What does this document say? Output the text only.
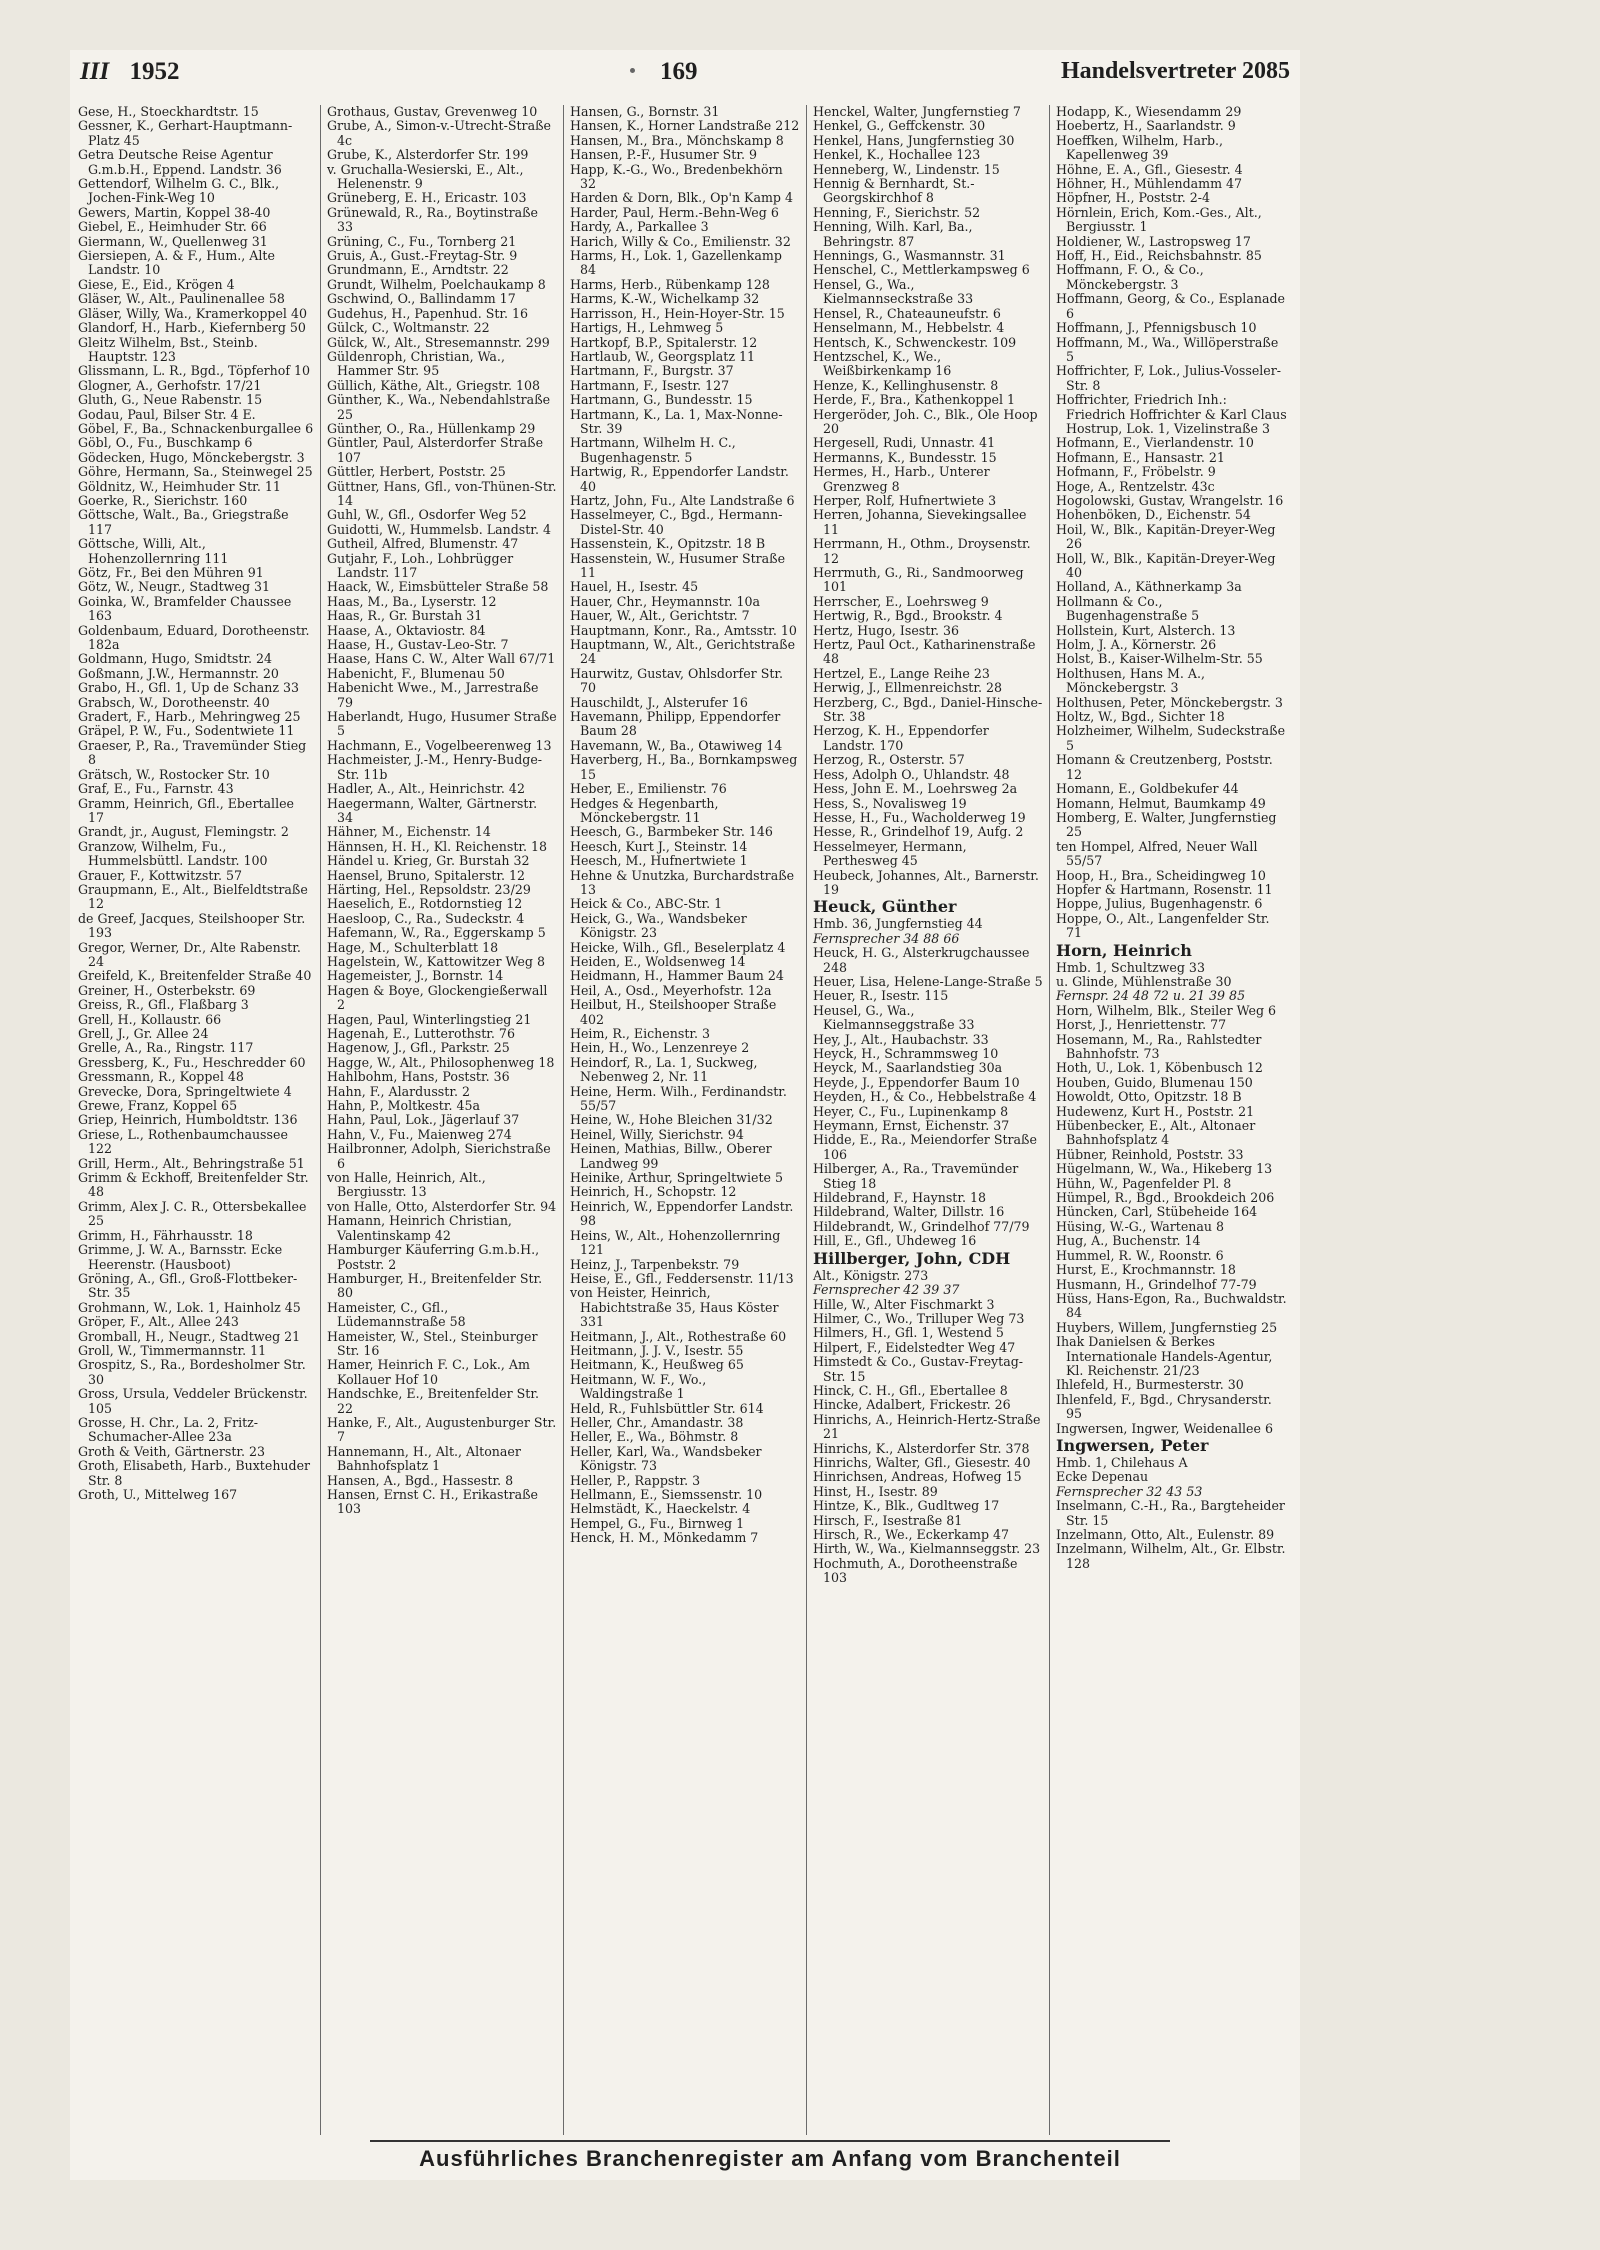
III 1952	169	Handelsvertreter 2085

Gese, H., Stoeckhardtstr. 15

Gessner, K., Gerhart-Hauptmann-Platz 45

Getra Deutsche Reise Agentur G.m.b.H., Eppend. Landstr. 36

Gettendorf, Wilhelm G. C., Blk., Jochen-Fink-Weg 10

Gewers, Martin, Koppel 38-40

Giebel, E., Heimhuder Str. 66

Giermann, W., Quellenweg 31

Giersiepen, A. & F., Hum., Alte Landstr. 10

Giese, E., Eid., Krögen 4

Gläser, W., Alt., Paulinenallee 58

Gläser, Willy, Wa., Kramerkoppel 40

Glandorf, H., Harb., Kiefernberg 50

Gleitz Wilhelm, Bst., Steinb. Hauptstr. 123

Glissmann, L. R., Bgd., Töpferhof 10

Glogner, A., Gerhofstr. 17/21

Gluth, G., Neue Rabenstr. 15

Godau, Paul, Bilser Str. 4 E.

Göbel, F., Ba., Schnackenburgallee 6

Göbl, O., Fu., Buschkamp 6

Gödecken, Hugo, Mönckebergstr. 3

Göhre, Hermann, Sa., Steinwegel 25

Göldnitz, W., Heimhuder Str. 11

Goerke, R., Sierichstr. 160

Göttsche, Walt., Ba., Griegstraße 117

Göttsche, Willi, Alt., Hohenzollernring 111

Götz, Fr., Bei den Mühren 91

Götz, W., Neugr., Stadtweg 31

Goinka, W., Bramfelder Chaussee 163

Goldenbaum, Eduard, Dorotheenstr. 182a

Goldmann, Hugo, Smidtstr. 24

Goßmann, J.W., Hermannstr. 20

Grabo, H., Gfl. 1, Up de Schanz 33

Grabsch, W., Dorotheenstr. 40

Gradert, F., Harb., Mehringweg 25

Gräpel, P. W., Fu., Sodentwiete 11

Graeser, P., Ra., Travemünder Stieg 8

Grätsch, W., Rostocker Str. 10

Graf, E., Fu., Farnstr. 43

Gramm, Heinrich, Gfl., Ebertallee 17

Grandt, jr., August, Flemingstr. 2

Granzow, Wilhelm, Fu., Hummelsbüttl. Landstr. 100

Grauer, F., Kottwitzstr. 57

Graupmann, E., Alt., Bielfeldtstraße 12

de Greef, Jacques, Steilshooper Str. 193

Gregor, Werner, Dr., Alte Rabenstr. 24

Greifeld, K., Breitenfelder Straße 40

Greiner, H., Osterbekstr. 69

Greiss, R., Gfl., Flaßbarg 3

Grell, H., Kollaustr. 66

Grell, J., Gr. Allee 24

Grelle, A., Ra., Ringstr. 117

Gressberg, K., Fu., Heschredder 60

Gressmann, R., Koppel 48

Grevecke, Dora, Springeltwiete 4

Grewe, Franz, Koppel 65

Griep, Heinrich, Humboldtstr. 136

Griese, L., Rothenbaumchaussee 122

Grill, Herm., Alt., Behringstraße 51

Grimm & Eckhoff, Breitenfelder Str. 48

Grimm, Alex J. C. R., Ottersbekallee 25

Grimm, H., Fährhausstr. 18

Grimme, J. W. A., Barnsstr. Ecke Heerenstr. (Hausboot)

Gröning, A., Gfl., Groß-Flottbeker-Str. 35

Grohmann, W., Lok. 1, Hainholz 45

Gröper, F., Alt., Allee 243

Gromball, H., Neugr., Stadtweg 21

Groll, W., Timmermannstr. 11

Grospitz, S., Ra., Bordesholmer Str. 30

Gross, Ursula, Veddeler Brückenstr. 105

Grosse, H. Chr., La. 2, Fritz-Schumacher-Allee 23a

Groth & Veith, Gärtnerstr. 23

Groth, Elisabeth, Harb., Buxtehuder Str. 8

Groth, U., Mittelweg 167

Grothaus, Gustav, Grevenweg 10

Grube, A., Simon-v.-Utrecht-Straße 4c

Grube, K., Alsterdorfer Str. 199

v. Gruchalla-Wesierski, E., Alt., Helenenstr. 9

Grüneberg, E. H., Ericastr. 103

Grünewald, R., Ra., Boytinstraße 33

Grüning, C., Fu., Tornberg 21

Gruis, A., Gust.-Freytag-Str. 9

Grundmann, E., Arndtstr. 22

Grundt, Wilhelm, Poelchaukamp 8

Gschwind, O., Ballindamm 17

Gudehus, H., Papenhud. Str. 16

Gülck, C., Woltmanstr. 22

Gülck, W., Alt., Stresemannstr. 299

Güldenroph, Christian, Wa., Hammer Str. 95

Güllich, Käthe, Alt., Griegstr. 108

Günther, K., Wa., Nebendahlstraße 25

Günther, O., Ra., Hüllenkamp 29

Güntler, Paul, Alsterdorfer Straße 107

Güttler, Herbert, Poststr. 25

Güttner, Hans, Gfl., von-Thünen-Str. 14

Guhl, W., Gfl., Osdorfer Weg 52

Guidotti, W., Hummelsb. Landstr. 4

Gutheil, Alfred, Blumenstr. 47

Gutjahr, F., Loh., Lohbrügger Landstr. 117

Haack, W., Eimsbütteler Straße 58

Haas, M., Ba., Lyserstr. 12

Haas, R., Gr. Burstah 31

Haase, A., Oktaviostr. 84

Haase, H., Gustav-Leo-Str. 7

Haase, Hans C. W., Alter Wall 67/71

Habenicht, F., Blumenau 50

Habenicht Wwe., M., Jarrestraße 79

Haberlandt, Hugo, Husumer Straße 5

Hachmann, E., Vogelbeerenweg 13

Hachmeister, J.-M., Henry-Budge-Str. 11b

Hadler, A., Alt., Heinrichstr. 42

Haegermann, Walter, Gärtnerstr. 34

Hähner, M., Eichenstr. 14

Hännsen, H. H., Kl. Reichenstr. 18

Händel u. Krieg, Gr. Burstah 32

Haensel, Bruno, Spitalerstr. 12

Härting, Hel., Repsoldstr. 23/29

Haeselich, E., Rotdornstieg 12

Haesloop, C., Ra., Sudeckstr. 4

Hafemann, W., Ra., Eggerskamp 5

Hage, M., Schulterblatt 18

Hagelstein, W., Kattowitzer Weg 8

Hagemeister, J., Bornstr. 14

Hagen & Boye, Glockengießerwall 2

Hagen, Paul, Winterlingstieg 21

Hagenah, E., Lutterothstr. 76

Hagenow, J., Gfl., Parkstr. 25

Hagge, W., Alt., Philosophenweg 18

Hahlbohm, Hans, Poststr. 36

Hahn, F., Alardusstr. 2

Hahn, P., Moltkestr. 45a

Hahn, Paul, Lok., Jägerlauf 37

Hahn, V., Fu., Maienweg 274

Hailbronner, Adolph, Sierichstraße 6

von Halle, Heinrich, Alt., Bergiusstr. 13

von Halle, Otto, Alsterdorfer Str. 94

Hamann, Heinrich Christian, Valentinskamp 42

Hamburger Käuferring G.m.b.H., Poststr. 2

Hamburger, H., Breitenfelder Str. 80

Hameister, C., Gfl., Lüdemannstraße 58

Hameister, W., Stel., Steinburger Str. 16

Hamer, Heinrich F. C., Lok., Am Kollauer Hof 10

Handschke, E., Breitenfelder Str. 22

Hanke, F., Alt., Augustenburger Str. 7

Hannemann, H., Alt., Altonaer Bahnhofsplatz 1

Hansen, A., Bgd., Hassestr. 8

Hansen, Ernst C. H., Erikastraße 103

Hansen, G., Bornstr. 31

Hansen, K., Horner Landstraße 212

Hansen, M., Bra., Mönchskamp 8

Hansen, P.-F., Husumer Str. 9

Happ, K.-G., Wo., Bredenbekhörn 32

Harden & Dorn, Blk., Op'n Kamp 4

Harder, Paul, Herm.-Behn-Weg 6

Hardy, A., Parkallee 3

Harich, Willy & Co., Emilienstr. 32

Harms, H., Lok. 1, Gazellenkamp 84

Harms, Herb., Rübenkamp 128

Harms, K.-W., Wichelkamp 32

Harrisson, H., Hein-Hoyer-Str. 15

Hartigs, H., Lehmweg 5

Hartkopf, B.P., Spitalerstr. 12

Hartlaub, W., Georgsplatz 11

Hartmann, F., Burgstr. 37

Hartmann, F., Isestr. 127

Hartmann, G., Bundesstr. 15

Hartmann, K., La. 1, Max-Nonne-Str. 39

Hartmann, Wilhelm H. C., Bugenhagenstr. 5

Hartwig, R., Eppendorfer Landstr. 40

Hartz, John, Fu., Alte Landstraße 6

Hasselmeyer, C., Bgd., Hermann-Distel-Str. 40

Hassenstein, K., Opitzstr. 18 B

Hassenstein, W., Husumer Straße 11

Hauel, H., Isestr. 45

Hauer, Chr., Heymannstr. 10a

Hauer, W., Alt., Gerichtstr. 7

Hauptmann, Konr., Ra., Amtsstr. 10

Hauptmann, W., Alt., Gerichtstraße 24

Haurwitz, Gustav, Ohlsdorfer Str. 70

Hauschildt, J., Alsterufer 16

Havemann, Philipp, Eppendorfer Baum 28

Havemann, W., Ba., Otawiweg 14

Haverberg, H., Ba., Bornkampsweg 15

Heber, E., Emilienstr. 76

Hedges & Hegenbarth, Mönckebergstr. 11

Heesch, G., Barmbeker Str. 146

Heesch, Kurt J., Steinstr. 14

Heesch, M., Hufnertwiete 1

Hehne & Unutzka, Burchardstraße 13

Heick & Co., ABC-Str. 1

Heick, G., Wa., Wandsbeker Königstr. 23

Heicke, Wilh., Gfl., Beselerplatz 4

Heiden, E., Woldsenweg 14

Heidmann, H., Hammer Baum 24

Heil, A., Osd., Meyerhofstr. 12a

Heilbut, H., Steilshooper Straße 402

Heim, R., Eichenstr. 3

Hein, H., Wo., Lenzenreye 2

Heindorf, R., La. 1, Suckweg, Nebenweg 2, Nr. 11

Heine, Herm. Wilh., Ferdinandstr. 55/57

Heine, W., Hohe Bleichen 31/32

Heinel, Willy, Sierichstr. 94

Heinen, Mathias, Billw., Oberer Landweg 99

Heinike, Arthur, Springeltwiete 5

Heinrich, H., Schopstr. 12

Heinrich, W., Eppendorfer Landstr. 98

Heins, W., Alt., Hohenzollernring 121

Heinz, J., Tarpenbekstr. 79

Heise, E., Gfl., Feddersenstr. 11/13

von Heister, Heinrich, Habichtstraße 35, Haus Köster 331

Heitmann, J., Alt., Rothestraße 60

Heitmann, J. J. V., Isestr. 55

Heitmann, K., Heußweg 65

Heitmann, W. F., Wo., Waldingstraße 1

Held, R., Fuhlsbüttler Str. 614

Heller, Chr., Amandastr. 38

Heller, E., Wa., Böhmstr. 8

Heller, Karl, Wa., Wandsbeker Königstr. 73

Heller, P., Rappstr. 3

Hellmann, E., Siemssenstr. 10

Helmstädt, K., Haeckelstr. 4

Hempel, G., Fu., Birnweg 1

Henck, H. M., Mönkedamm 7

Henckel, Walter, Jungfernstieg 7

Henkel, G., Geffckenstr. 30

Henkel, Hans, Jungfernstieg 30

Henkel, K., Hochallee 123

Henneberg, W., Lindenstr. 15

Hennig & Bernhardt, St.-Georgskirchhof 8

Henning, F., Sierichstr. 52

Henning, Wilh. Karl, Ba., Behringstr. 87

Hennings, G., Wasmannstr. 31

Henschel, C., Mettlerkampsweg 6

Hensel, G., Wa., Kielmannseckstraße 33

Hensel, R., Chateauneufstr. 6

Henselmann, M., Hebbelstr. 4

Hentsch, K., Schwenckestr. 109

Hentzschel, K., We., Weißbirkenkamp 16

Henze, K., Kellinghusenstr. 8

Herde, F., Bra., Kathenkoppel 1

Hergeröder, Joh. C., Blk., Ole Hoop 20

Hergesell, Rudi, Unnastr. 41

Hermanns, K., Bundesstr. 15

Hermes, H., Harb., Unterer Grenzweg 8

Herper, Rolf, Hufnertwiete 3

Herren, Johanna, Sievekingsallee 11

Herrmann, H., Othm., Droysenstr. 12

Herrmuth, G., Ri., Sandmoorweg 101

Herrscher, E., Loehrsweg 9

Hertwig, R., Bgd., Brookstr. 4

Hertz, Hugo, Isestr. 36

Hertz, Paul Oct., Katharinenstraße 48

Hertzel, E., Lange Reihe 23

Herwig, J., Ellmenreichstr. 28

Herzberg, C., Bgd., Daniel-Hinsche-Str. 38

Herzog, K. H., Eppendorfer Landstr. 170

Herzog, R., Osterstr. 57

Hess, Adolph O., Uhlandstr. 48

Hess, John E. M., Loehrsweg 2a

Hess, S., Novalisweg 19

Hesse, H., Fu., Wacholderweg 19

Hesse, R., Grindelhof 19, Aufg. 2

Hesselmeyer, Hermann, Perthesweg 45

Heubeck, Johannes, Alt., Barnerstr. 19

Heuck, Günther

Hmb. 36, Jungfernstieg 44

Fernsprecher 34 88 66

Heuck, H. G., Alsterkrugchaussee 248

Heuer, Lisa, Helene-Lange-Straße 5

Heuer, R., Isestr. 115

Heusel, G., Wa., Kielmannseggstraße 33

Hey, J., Alt., Haubachstr. 33

Heyck, H., Schrammsweg 10

Heyck, M., Saarlandstieg 30a

Heyde, J., Eppendorfer Baum 10

Heyden, H., & Co., Hebbelstraße 4

Heyer, C., Fu., Lupinenkamp 8

Heymann, Ernst, Eichenstr. 37

Hidde, E., Ra., Meiendorfer Straße 106

Hilberger, A., Ra., Travemünder Stieg 18

Hildebrand, F., Haynstr. 18

Hildebrand, Walter, Dillstr. 16

Hildebrandt, W., Grindelhof 77/79

Hill, E., Gfl., Uhdeweg 16

Hillberger, John, CDH

Alt., Königstr. 273

Fernsprecher 42 39 37

Hille, W., Alter Fischmarkt 3

Hilmer, C., Wo., Trilluper Weg 73

Hilmers, H., Gfl. 1, Westend 5

Hilpert, F., Eidelstedter Weg 47

Himstedt & Co., Gustav-Freytag-Str. 15

Hinck, C. H., Gfl., Ebertallee 8

Hincke, Adalbert, Frickestr. 26

Hinrichs, A., Heinrich-Hertz-Straße 21

Hinrichs, K., Alsterdorfer Str. 378

Hinrichs, Walter, Gfl., Giesestr. 40

Hinrichsen, Andreas, Hofweg 15

Hinst, H., Isestr. 89

Hintze, K., Blk., Gudltweg 17

Hirsch, F., Isestraße 81

Hirsch, R., We., Eckerkamp 47

Hirth, W., Wa., Kielmannseggstr. 23

Hochmuth, A., Dorotheenstraße 103

Hodapp, K., Wiesendamm 29

Hoebertz, H., Saarlandstr. 9

Hoeffken, Wilhelm, Harb., Kapellenweg 39

Höhne, E. A., Gfl., Giesestr. 4

Höhner, H., Mühlendamm 47

Höpfner, H., Poststr. 2-4

Hörnlein, Erich, Kom.-Ges., Alt., Bergiusstr. 1

Holdiener, W., Lastropsweg 17

Hoff, H., Eid., Reichsbahnstr. 85

Hoffmann, F. O., & Co., Mönckebergstr. 3

Hoffmann, Georg, & Co., Esplanade 6

Hoffmann, J., Pfennigsbusch 10

Hoffmann, M., Wa., Willöperstraße 5

Hoffrichter, F, Lok., Julius-Vosseler-Str. 8

Hoffrichter, Friedrich Inh.: Friedrich Hoffrichter & Karl Claus Hostrup, Lok. 1, Vizelinstraße 3

Hofmann, E., Vierlandenstr. 10

Hofmann, E., Hansastr. 21

Hofmann, F., Fröbelstr. 9

Hoge, A., Rentzelstr. 43c

Hogolowski, Gustav, Wrangelstr. 16

Hohenböken, D., Eichenstr. 54

Hoil, W., Blk., Kapitän-Dreyer-Weg 26

Holl, W., Blk., Kapitän-Dreyer-Weg 40

Holland, A., Käthnerkamp 3a

Hollmann & Co., Bugenhagenstraße 5

Hollstein, Kurt, Alsterch. 13

Holm, J. A., Körnerstr. 26

Holst, B., Kaiser-Wilhelm-Str. 55

Holthusen, Hans M. A., Mönckebergstr. 3

Holthusen, Peter, Mönckebergstr. 3

Holtz, W., Bgd., Sichter 18

Holzheimer, Wilhelm, Sudeckstraße 5

Homann & Creutzenberg, Poststr. 12

Homann, E., Goldbekufer 44

Homann, Helmut, Baumkamp 49

Homberg, E. Walter, Jungfernstieg 25

ten Hompel, Alfred, Neuer Wall 55/57

Hoop, H., Bra., Scheidingweg 10

Hopfer & Hartmann, Rosenstr. 11

Hoppe, Julius, Bugenhagenstr. 6

Hoppe, O., Alt., Langenfelder Str. 71

Horn, Heinrich

Hmb. 1, Schultzweg 33

u. Glinde, Mühlenstraße 30

Fernspr. 24 48 72 u. 21 39 85

Horn, Wilhelm, Blk., Steiler Weg 6

Horst, J., Henriettenstr. 77

Hosemann, M., Ra., Rahlstedter Bahnhofstr. 73

Hoth, U., Lok. 1, Köbenbusch 12

Houben, Guido, Blumenau 150

Howoldt, Otto, Opitzstr. 18 B

Hudewenz, Kurt H., Poststr. 21

Hübenbecker, E., Alt., Altonaer Bahnhofsplatz 4

Hübner, Reinhold, Poststr. 33

Hügelmann, W., Wa., Hikeberg 13

Hühn, W., Pagenfelder Pl. 8

Hümpel, R., Bgd., Brookdeich 206

Hüncken, Carl, Stübeheide 164

Hüsing, W.-G., Wartenau 8

Hug, A., Buchenstr. 14

Hummel, R. W., Roonstr. 6

Hurst, E., Krochmannstr. 18

Husmann, H., Grindelhof 77-79

Hüss, Hans-Egon, Ra., Buchwaldstr. 84

Huybers, Willem, Jungfernstieg 25

Ihak Danielsen & Berkes Internationale Handels-Agentur, Kl. Reichenstr. 21/23

Ihlefeld, H., Burmesterstr. 30

Ihlenfeld, F., Bgd., Chrysanderstr. 95

Ingwersen, Ingwer, Weidenallee 6

Ingwersen, Peter

Hmb. 1, Chilehaus A

Ecke Depenau

Fernsprecher 32 43 53

Inselmann, C.-H., Ra., Bargteheider Str. 15

Inzelmann, Otto, Alt., Eulenstr. 89

Inzelmann, Wilhelm, Alt., Gr. Elbstr. 128

Ausführliches Branchenregister am Anfang vom Branchenteil
